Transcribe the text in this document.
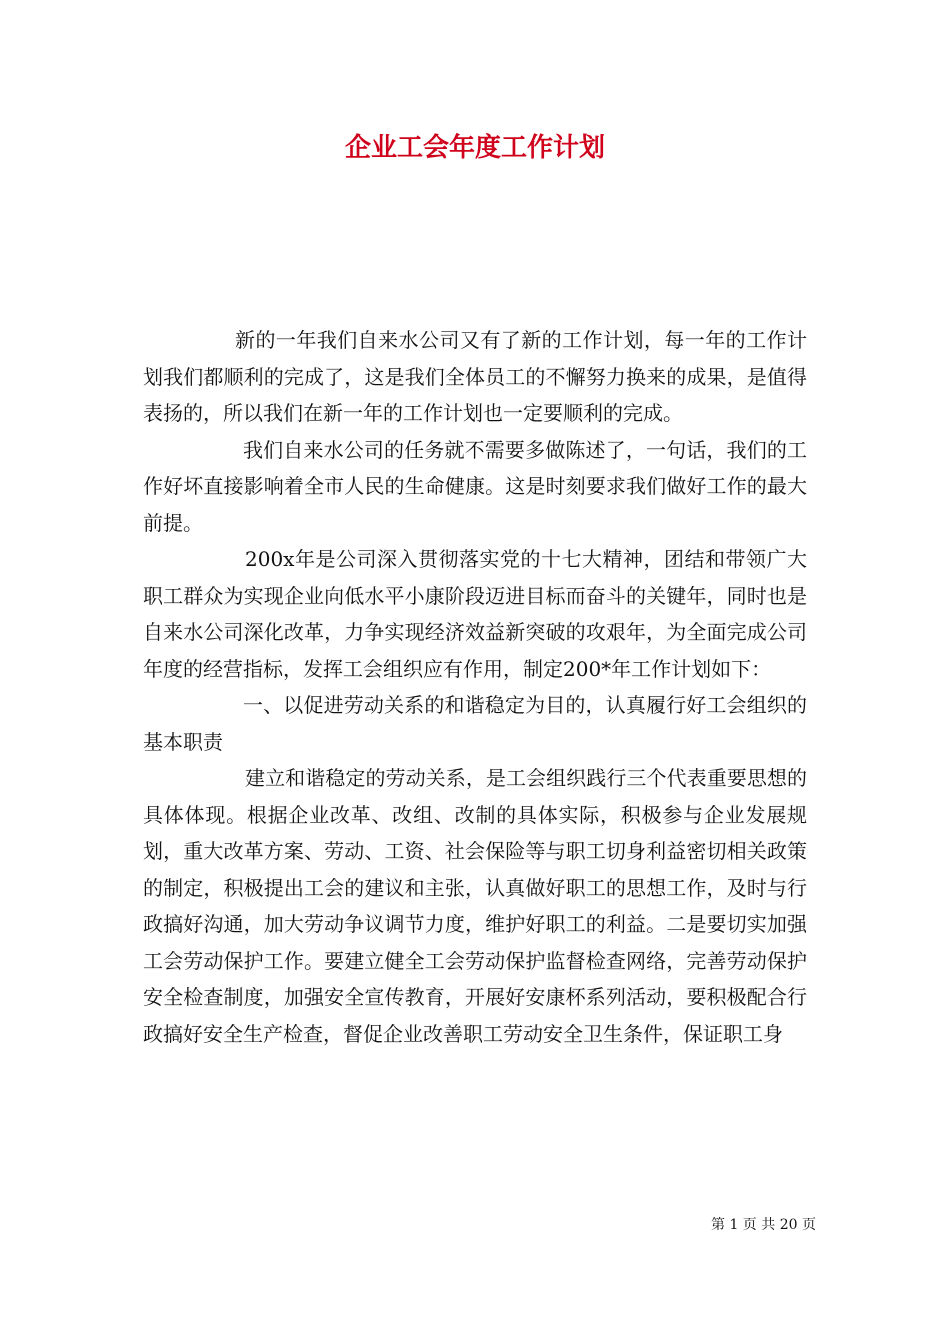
企业工会年度工作计划

新的一年我们自来水公司又有了新的工作计划，每一年的工作计划我们都顺利的完成了，这是我们全体员工的不懈努力换来的成果，是值得表扬的，所以我们在新一年的工作计划也一定要顺利的完成。

我们自来水公司的任务就不需要多做陈述了，一句话，我们的工作好坏直接影响着全市人民的生命健康。这是时刻要求我们做好工作的最大前提。

200x年是公司深入贯彻落实党的十七大精神，团结和带领广大职工群众为实现企业向低水平小康阶段迈进目标而奋斗的关键年，同时也是自来水公司深化改革，力争实现经济效益新突破的攻艰年，为全面完成公司年度的经营指标，发挥工会组织应有作用，制定200*年工作计划如下：

一、以促进劳动关系的和谐稳定为目的，认真履行好工会组织的基本职责

建立和谐稳定的劳动关系，是工会组织践行三个代表重要思想的具体体现。根据企业改革、改组、改制的具体实际，积极参与企业发展规划，重大改革方案、劳动、工资、社会保险等与职工切身利益密切相关政策的制定，积极提出工会的建议和主张，认真做好职工的思想工作，及时与行政搞好沟通，加大劳动争议调节力度，维护好职工的利益。二是要切实加强工会劳动保护工作。要建立健全工会劳动保护监督检查网络，完善劳动保护安全检查制度，加强安全宣传教育，开展好安康杯系列活动，要积极配合行政搞好安全生产检查，督促企业改善职工劳动安全卫生条件，保证职工身

第 1 页 共 20 页
